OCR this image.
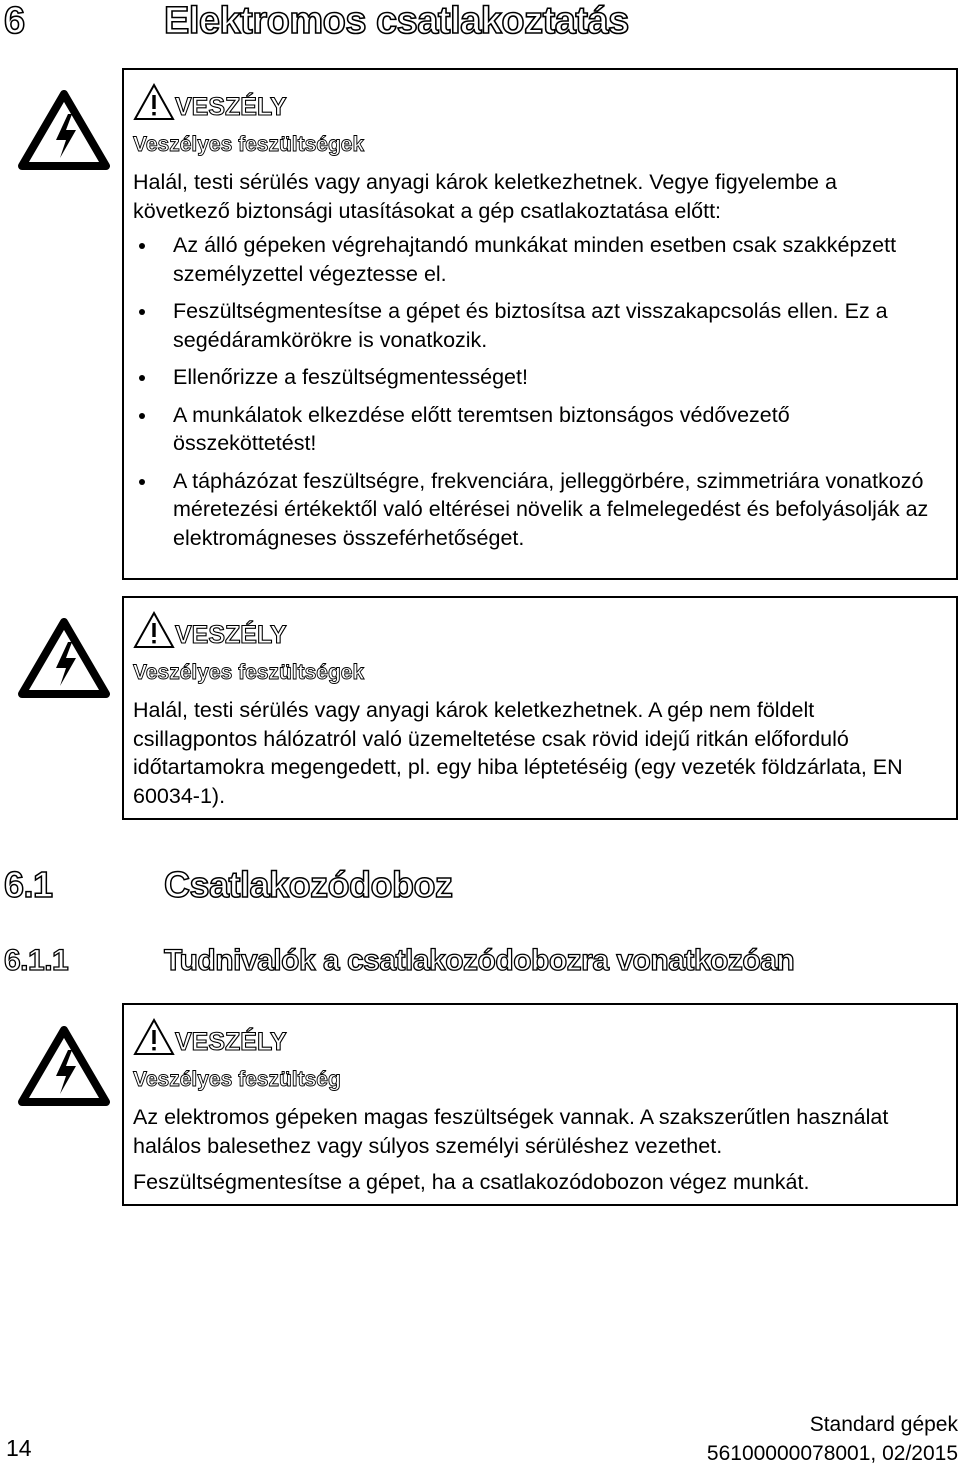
6	Elektromos csatlakoztatás
VESZÉLY
Veszélyes feszültségek

Halál, testi sérülés vagy anyagi károk keletkezhetnek. Vegye figyelembe a következő biztonsági utasításokat a gép csatlakoztatása előtt:

Az álló gépeken végrehajtandó munkákat minden esetben csak szakképzett személyzettel végeztesse el.
Feszültségmentesítse a gépet és biztosítsa azt visszakapcsolás ellen. Ez a segédáramkörökre is vonatkozik.
Ellenőrizze a feszültségmentességet!
A munkálatok elkezdése előtt teremtsen biztonságos védővezető összeköttetést!
A tápházózat feszültségre, frekvenciára, jelleggörbére, szimmetriára vonatkozó méretezési értékektől való eltérései növelik a felmelegedést és befolyásolják az elektromágneses összeférhetőséget.
VESZÉLY
Veszélyes feszültségek

Halál, testi sérülés vagy anyagi károk keletkezhetnek. A gép nem földelt csillagpontos hálózatról való üzemeltetése csak rövid idejű ritkán előforduló időtartamokra megengedett, pl. egy hiba léptetéséig (egy vezeték földzárlata, EN 60034-1).

6.1	Csatlakozódoboz
6.1.1	Tudnivalók a csatlakozódobozra vonatkozóan
VESZÉLY
Veszélyes feszültség

Az elektromos gépeken magas feszültségek vannak. A szakszerűtlen használat halálos balesethez vagy súlyos személyi sérüléshez vezethet.

Feszültségmentesítse a gépet, ha a csatlakozódobozon végez munkát.

14
Standard gépek
56100000078001, 02/2015
